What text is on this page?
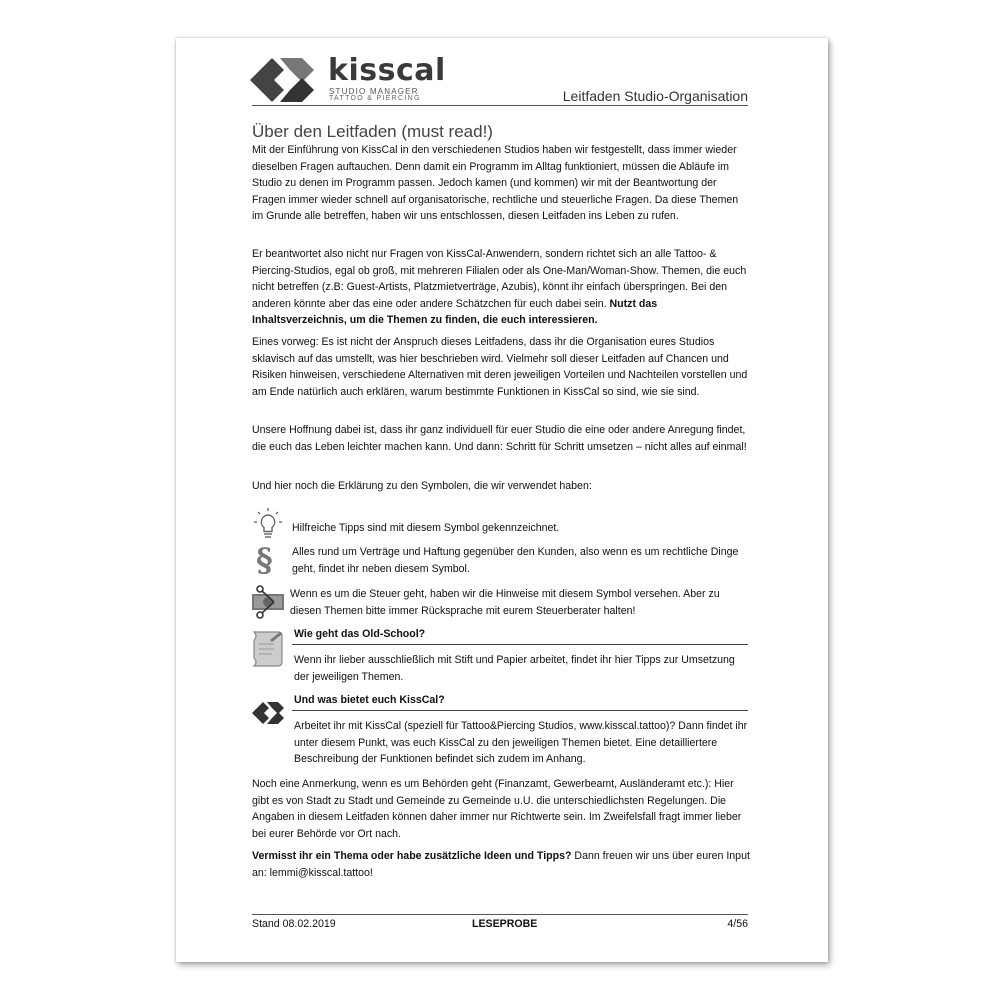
kisscal
STUDIO MANAGER
TATTOO & PIERCING	Leitfaden Studio-Organisation
Über den Leitfaden (must read!)

Mit der Einführung von KissCal in den verschiedenen Studios haben wir festgestellt, dass immer wieder dieselben Fragen auftauchen. Denn damit ein Programm im Alltag funktioniert, müssen die Abläufe im Studio zu denen im Programm passen. Jedoch kamen (und kommen) wir mit der Beantwortung der Fragen immer wieder schnell auf organisatorische, rechtliche und steuerliche Fragen. Da diese Themen im Grunde alle betreffen, haben wir uns entschlossen, diesen Leitfaden ins Leben zu rufen.

Er beantwortet also nicht nur Fragen von KissCal-Anwendern, sondern richtet sich an alle Tattoo- & Piercing-Studios, egal ob groß, mit mehreren Filialen oder als One-Man/Woman-Show. Themen, die euch nicht betreffen (z.B: Guest-Artists, Platzmietverträge, Azubis), könnt ihr einfach überspringen. Bei den anderen könnte aber das eine oder andere Schätzchen für euch dabei sein. Nutzt das Inhaltsverzeichnis, um die Themen zu finden, die euch interessieren.

Eines vorweg: Es ist nicht der Anspruch dieses Leitfadens, dass ihr die Organisation eures Studios sklavisch auf das umstellt, was hier beschrieben wird. Vielmehr soll dieser Leitfaden auf Chancen und Risiken hinweisen, verschiedene Alternativen mit deren jeweiligen Vorteilen und Nachteilen vorstellen und am Ende natürlich auch erklären, warum bestimmte Funktionen in KissCal so sind, wie sie sind.

Unsere Hoffnung dabei ist, dass ihr ganz individuell für euer Studio die eine oder andere Anregung findet, die euch das Leben leichter machen kann. Und dann: Schritt für Schritt umsetzen – nicht alles auf einmal!

Und hier noch die Erklärung zu den Symbolen, die wir verwendet haben:

Hilfreiche Tipps sind mit diesem Symbol gekennzeichnet.
§ Alles rund um Verträge und Haftung gegenüber den Kunden, also wenn es um rechtliche Dinge geht, findet ihr neben diesem Symbol.
Wenn es um die Steuer geht, haben wir die Hinweise mit diesem Symbol versehen. Aber zu diesen Themen bitte immer Rücksprache mit eurem Steuerberater halten!
Wie geht das Old-School?
Wenn ihr lieber ausschließlich mit Stift und Papier arbeitet, findet ihr hier Tipps zur Umsetzung der jeweiligen Themen.
Und was bietet euch KissCal?
Arbeitet ihr mit KissCal (speziell für Tattoo&Piercing Studios, www.kisscal.tattoo)? Dann findet ihr unter diesem Punkt, was euch KissCal zu den jeweiligen Themen bietet. Eine detailliertere Beschreibung der Funktionen befindet sich zudem im Anhang.

Noch eine Anmerkung, wenn es um Behörden geht (Finanzamt, Gewerbeamt, Ausländeramt etc.): Hier gibt es von Stadt zu Stadt und Gemeinde zu Gemeinde u.U. die unterschiedlichsten Regelungen. Die Angaben in diesem Leitfaden können daher immer nur Richtwerte sein. Im Zweifelsfall fragt immer lieber bei eurer Behörde vor Ort nach.

Vermisst ihr ein Thema oder habe zusätzliche Ideen und Tipps? Dann freuen wir uns über euren Input an: lemmi@kisscal.tattoo!

Stand 08.02.2019	LESEPROBE	4/56
